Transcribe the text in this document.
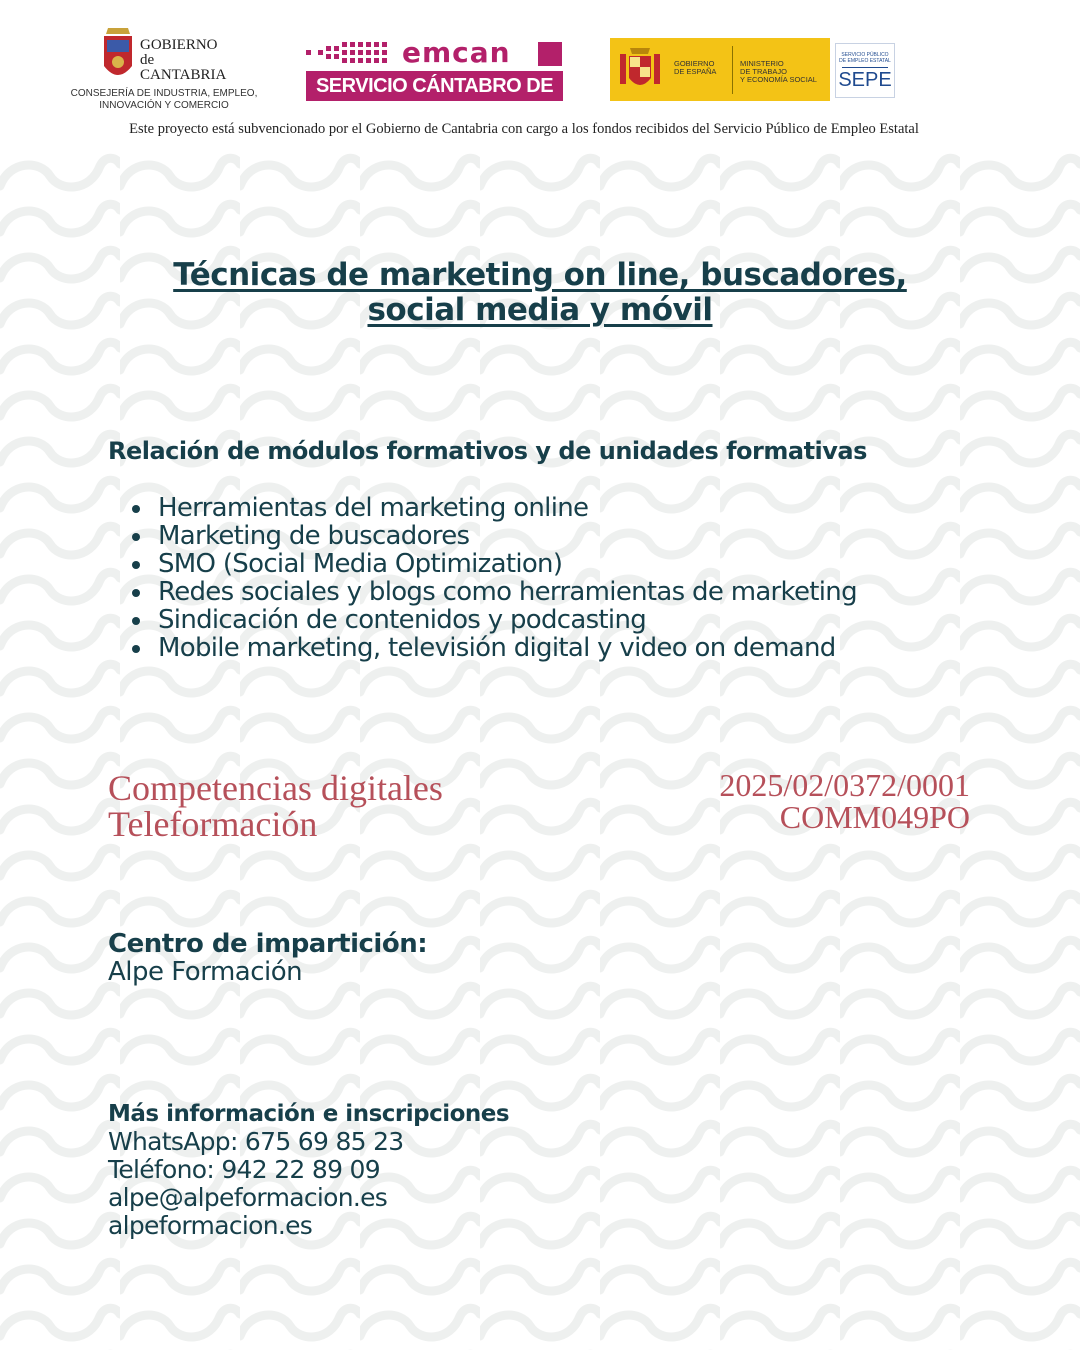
GOBIERNO
de
CANTABRIA
CONSEJERÍA DE INDUSTRIA, EMPLEO,
INNOVACIÓN Y COMERCIO
emcan
SERVICIO CÁNTABRO DE EMPLEO
GOBIERNO
DE ESPAÑA
MINISTERIO
DE TRABAJO
Y ECONOMÍA SOCIAL
SERVICIO PÚBLICO
DE EMPLEO ESTATAL
SEPE
Este proyecto está subvencionado por el Gobierno de Cantabria con cargo a los fondos recibidos del Servicio Público de Empleo Estatal
Técnicas de marketing on line, buscadores,
social media y móvil
Relación de módulos formativos y de unidades formativas
Herramientas del marketing online
Marketing de buscadores
SMO (Social Media Optimization)
Redes sociales y blogs como herramientas de marketing
Sindicación de contenidos y podcasting
Mobile marketing, televisión digital y video on demand
Competencias digitales
Teleformación
2025/02/0372/0001
COMM049PO
Centro de impartición:
Alpe Formación
Más información e inscripciones
WhatsApp: 675 69 85 23
Teléfono: 942 22 89 09
alpe@alpeformacion.es
alpeformacion.es
